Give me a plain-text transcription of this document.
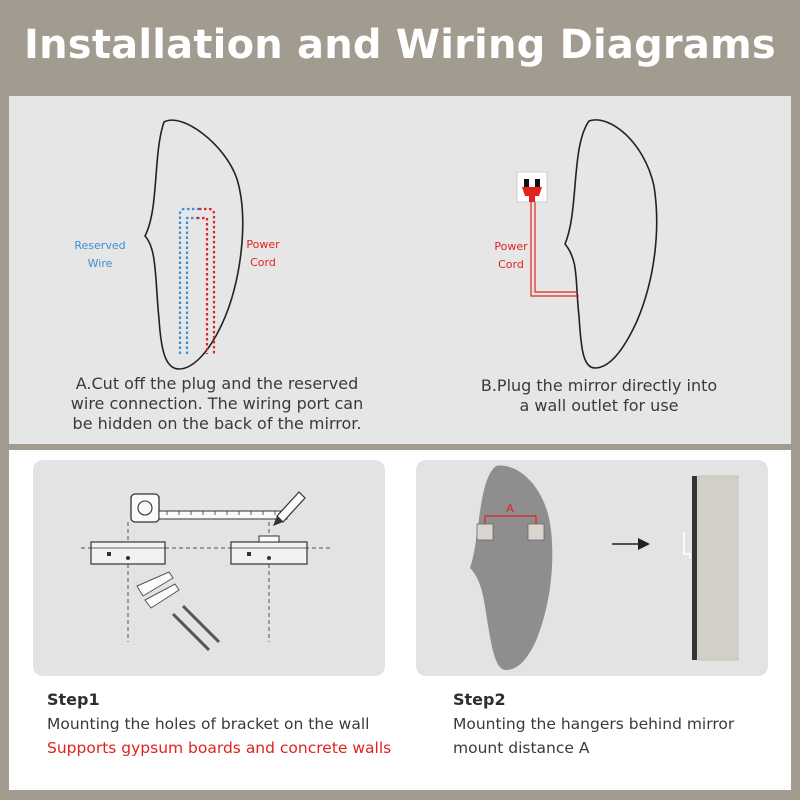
Installation and Wiring Diagrams
Reserved
Wire
Power
Cord
A.Cut off the plug and the reserved
wire connection. The wiring port can
be hidden on the back of the mirror.
Power
Cord
B.Plug the mirror directly into
a wall outlet for use
Step1
Mounting the holes of bracket on the wall
Supports gypsum boards and concrete walls
A
Step2
Mounting the hangers behind mirror
mount distance A
